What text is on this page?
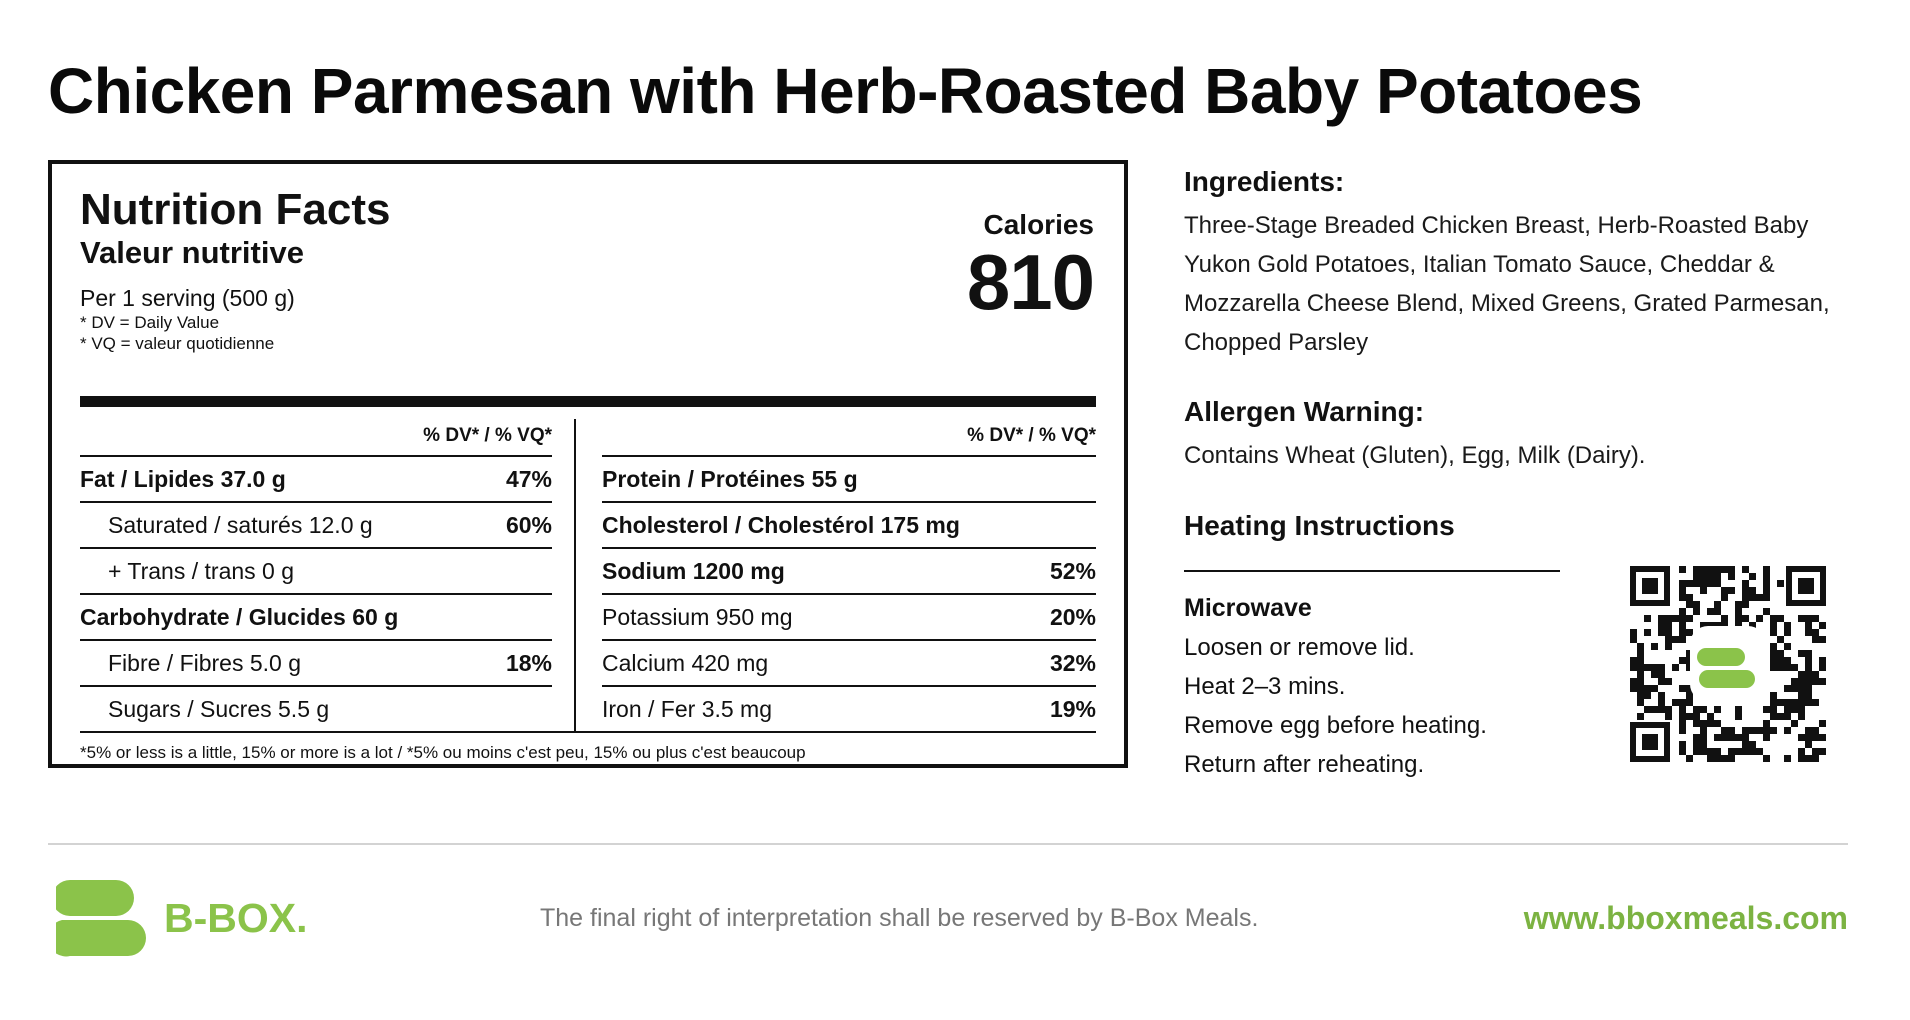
Chicken Parmesan with Herb-Roasted Baby Potatoes
Nutrition Facts
Valeur nutritive
Per 1 serving (500 g)
* DV = Daily Value
* VQ = valeur quotidienne
Calories
810
% DV* / % VQ*
Fat / Lipides 37.0 g	47%
Saturated / saturés 12.0 g	60%
+ Trans / trans 0 g
Carbohydrate / Glucides 60 g
Fibre / Fibres 5.0 g	18%
Sugars / Sucres 5.5 g
% DV* / % VQ*
Protein / Protéines 55 g
Cholesterol / Cholestérol 175 mg
Sodium 1200 mg	52%
Potassium 950 mg	20%
Calcium 420 mg	32%
Iron / Fer 3.5 mg	19%
*5% or less is a little, 15% or more is a lot / *5% ou moins c'est peu, 15% ou plus c'est beaucoup
Ingredients:
Three-Stage Breaded Chicken Breast, Herb-Roasted Baby Yukon Gold Potatoes, Italian Tomato Sauce, Cheddar & Mozzarella Cheese Blend, Mixed Greens, Grated Parmesan, Chopped Parsley
Allergen Warning:
Contains Wheat (Gluten), Egg, Milk (Dairy).
Heating Instructions
Microwave
Loosen or remove lid.
Heat 2–3 mins.
Remove egg before heating.
Return after reheating.
B-BOX.	The final right of interpretation shall be reserved by B-Box Meals.	www.bboxmeals.com
